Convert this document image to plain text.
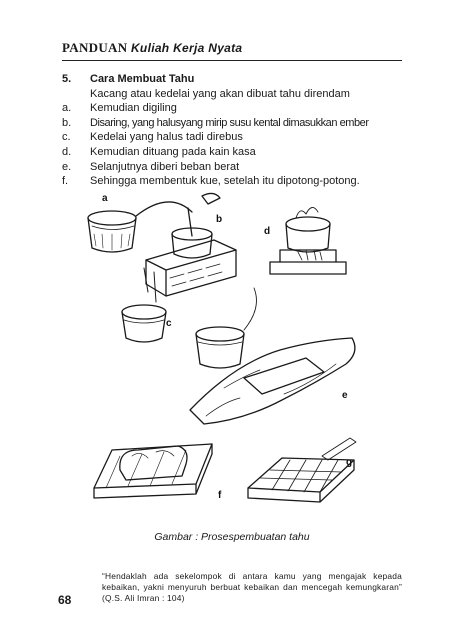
PANDUAN Kuliah Kerja Nyata
5.	Cara Membuat Tahu
Kacang atau kedelai yang akan dibuat tahu direndam
a.	Kemudian digiling
b.	Disaring, yang halusyang mirip susu kental dimasukkan ember
c.	Kedelai yang halus tadi direbus
d.	Kemudian dituang pada kain kasa
e.	Selanjutnya diberi beban berat
f.	Sehingga membentuk kue, setelah itu dipotong-potong.
a
b
d
c
e
f
g
Gambar : Prosespembuatan tahu
68
“Hendaklah ada sekelompok di antara kamu yang mengajak kepada kebaikan, yakni menyuruh berbuat kebaikan dan mencegah kemungkaran” (Q.S. Ali Imran : 104)
